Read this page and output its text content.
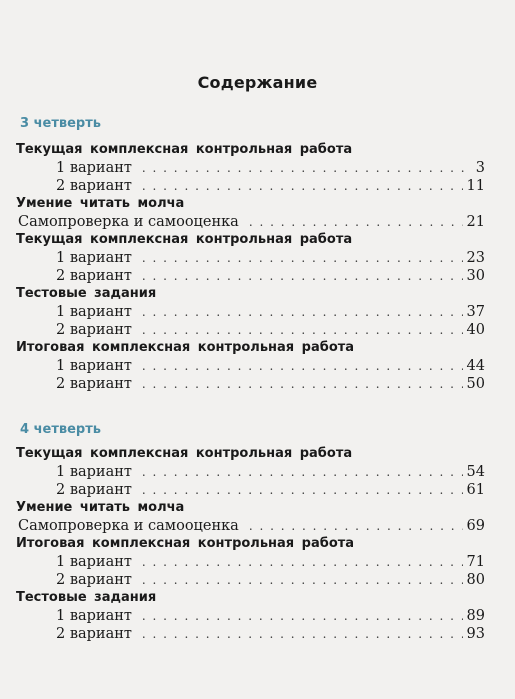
Содержание
3 четверть
Текущая комплексная контрольная работа
1 вариант . . .	3
2 вариант . . .	11
Умение читать молча
Самопроверка и самооценка . . .	21
Текущая комплексная контрольная работа
1 вариант . . .	23
2 вариант . . .	30
Тестовые задания
1 вариант . . .	37
2 вариант . . .	40
Итоговая комплексная контрольная работа
1 вариант . . .	44
2 вариант . . .	50
4 четверть
Текущая комплексная контрольная работа
1 вариант . . .	54
2 вариант . . .	61
Умение читать молча
Самопроверка и самооценка . . .	69
Итоговая комплексная контрольная работа
1 вариант . . .	71
2 вариант . . .	80
Тестовые задания
1 вариант . . .	89
2 вариант . . .	93
